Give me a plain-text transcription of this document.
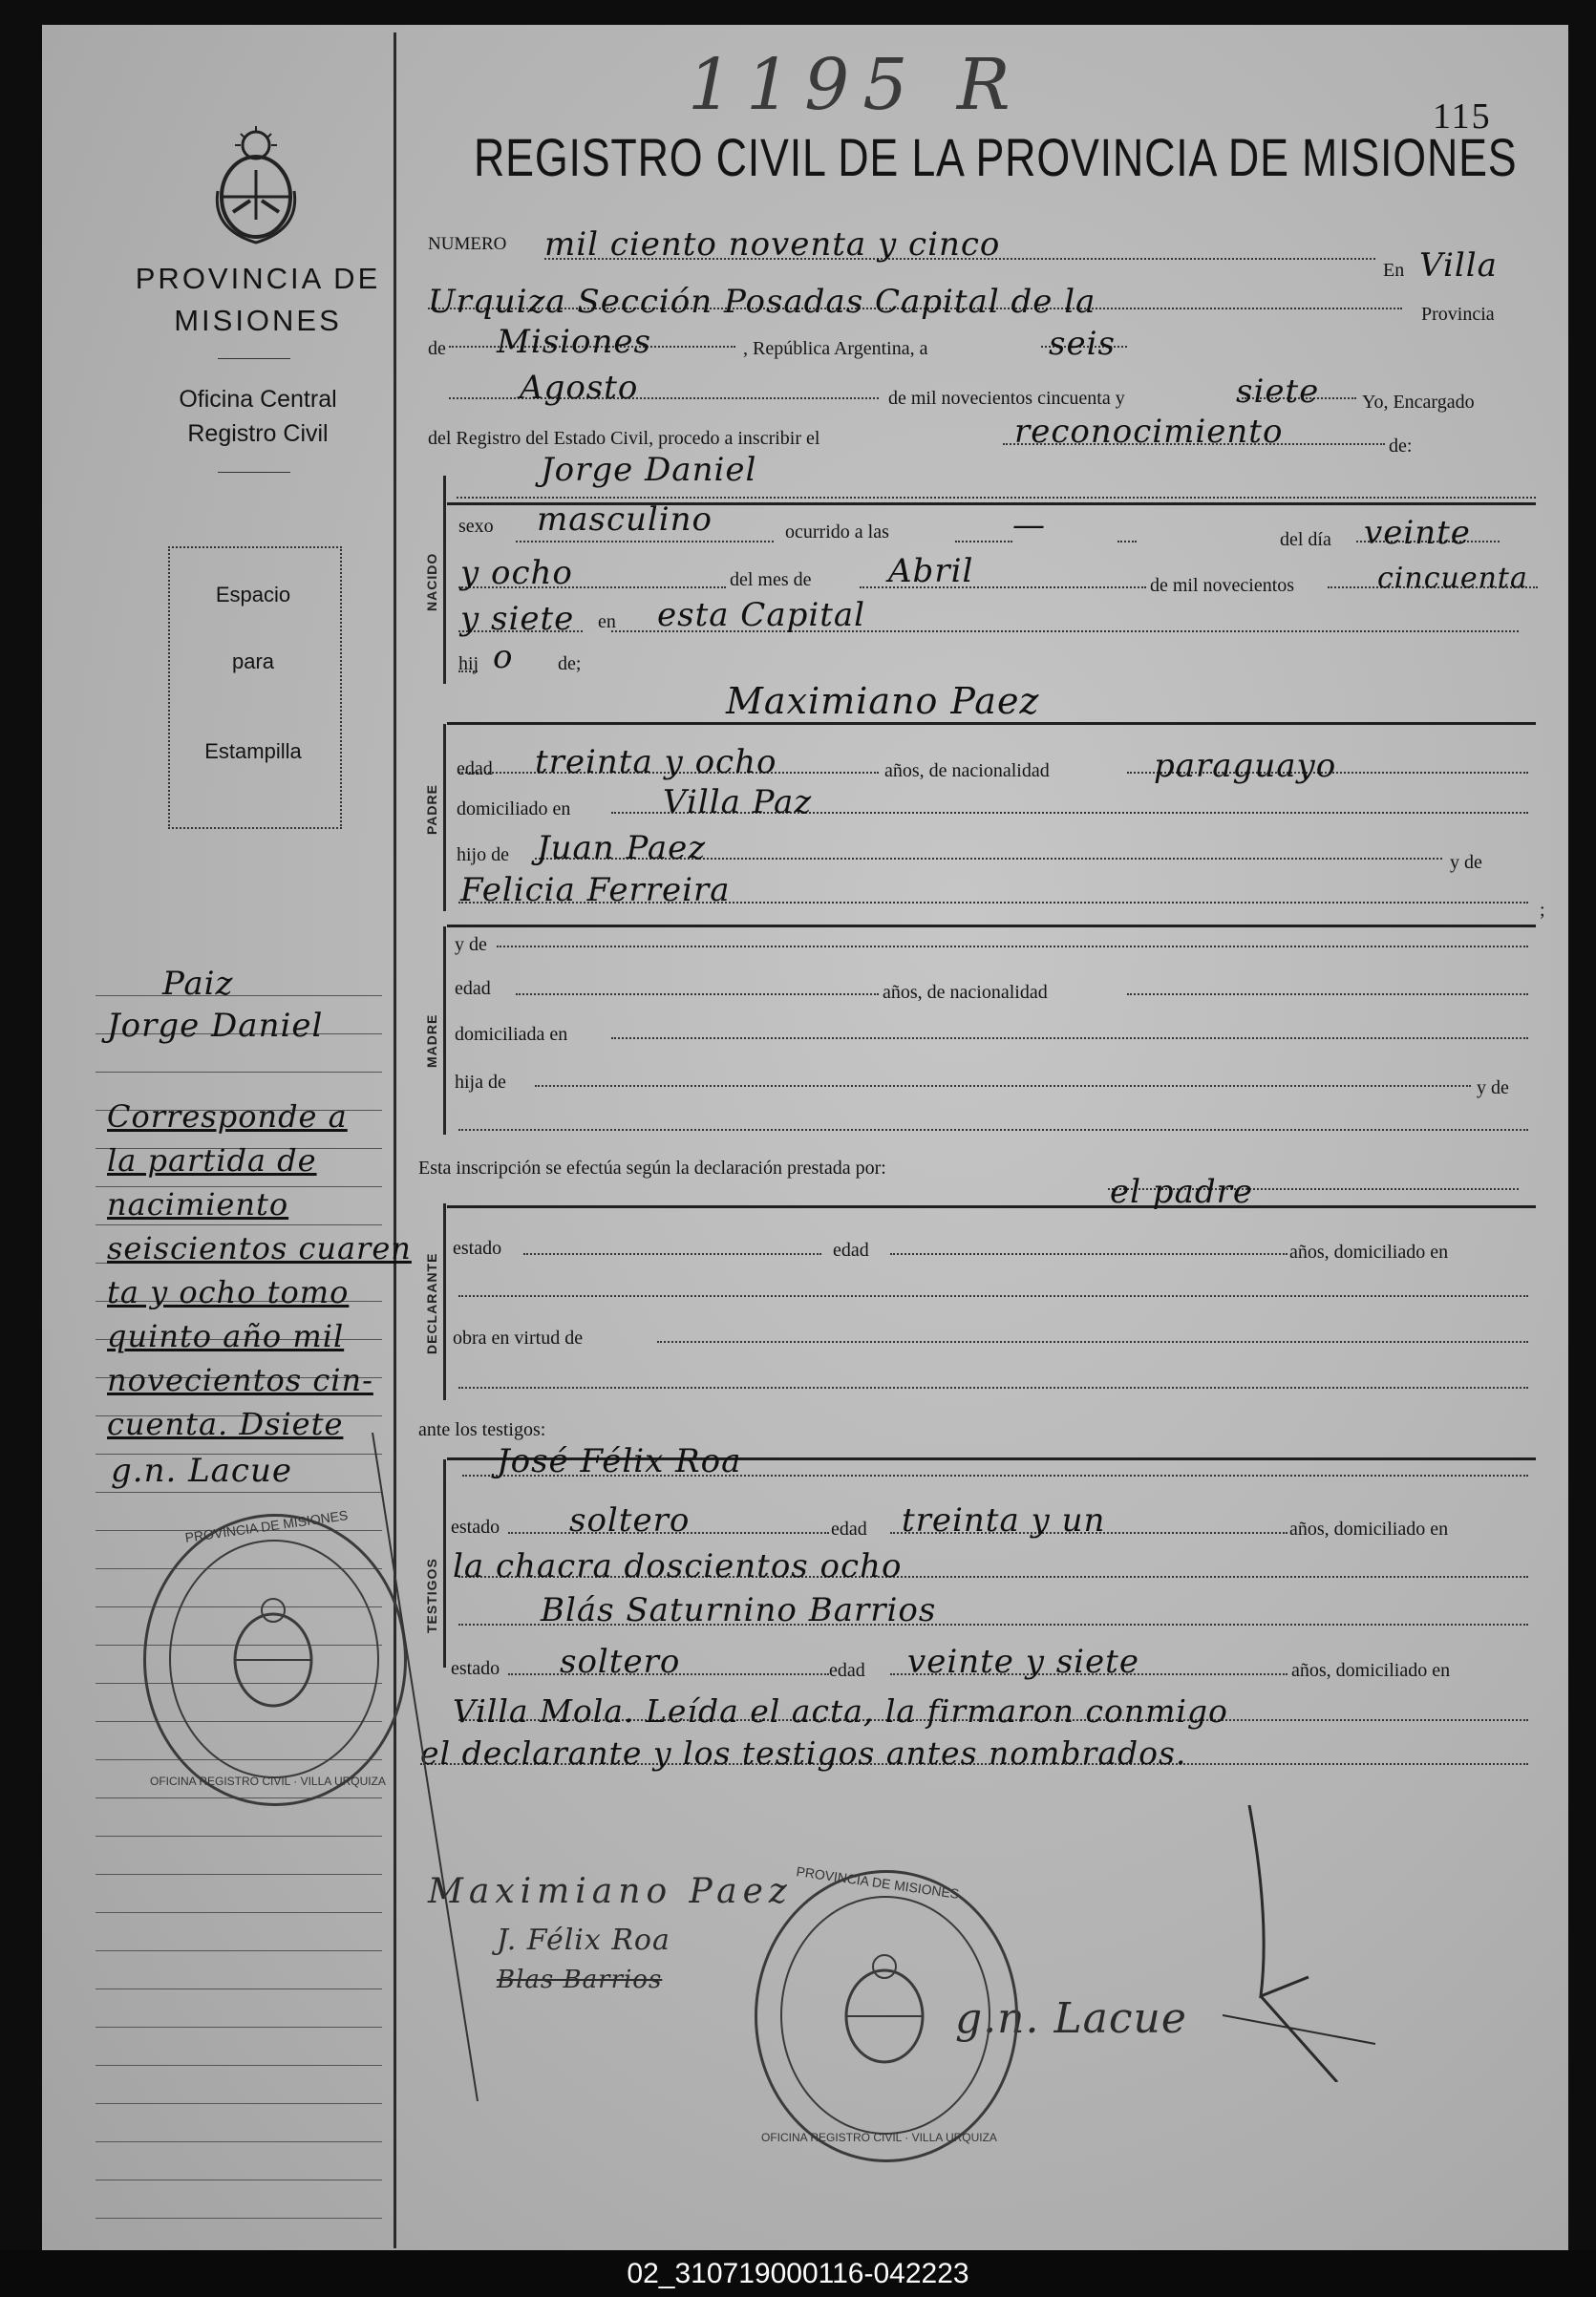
PROVINCIA DE MISIONES
Oficina Central
Registro Civil
Espacio
para
Estampilla
Paiz
Jorge Daniel
Corresponde a
la partida de
nacimiento
seiscientos cuaren
ta y ocho tomo
quinto año mil
novecientos cin-
cuenta. Dsiete
g.n. Lacue
PROVINCIA DE MISIONES
OFICINA REGISTRO CIVIL · VILLA URQUIZA
1195 R	115
REGISTRO CIVIL DE LA PROVINCIA DE MISIONES
NACIDO
PADRE
MADRE
DECLARANTE
TESTIGOS
NUMERO mil ciento noventa y cinco
En Villa
Urquiza Sección Posadas Capital de la	Provincia
de Misiones	, República Argentina, a	seis
Agosto	de mil novecientos cincuenta y	siete Yo, Encargado
del Registro del Estado Civil, procedo a inscribir el	reconocimiento	de:
Jorge Daniel
sexo masculino	ocurrido a las	—	del día veinte
y ocho	del mes de Abril	de mil novecientos	cincuenta
y siete en esta Capital
hij o de;
Maximiano Paez
edad treinta y ocho	años, de nacionalidad	paraguayo
domiciliado en	Villa Paz
hijo de Juan Paez	y de
Felicia Ferreira
;
y de
edad	años, de nacionalidad
domiciliada en
hija de	y de
Esta inscripción se efectúa según la declaración prestada por:
el padre
estado	edad	años, domiciliado en
obra en virtud de
ante los testigos:
José Félix Roa
estado soltero	edad treinta y un	años, domiciliado en
la chacra doscientos ocho
Blás Saturnino Barrios
estado soltero	edad veinte y siete	años, domiciliado en
Villa Mola. Leída el acta, la firmaron conmigo
el declarante y los testigos antes nombrados.
Maximiano Paez
J. Félix Roa
Blas Barrios
g.n. Lacue
PROVINCIA DE MISIONES
OFICINA REGISTRO CIVIL · VILLA URQUIZA
02_310719000116-042223
